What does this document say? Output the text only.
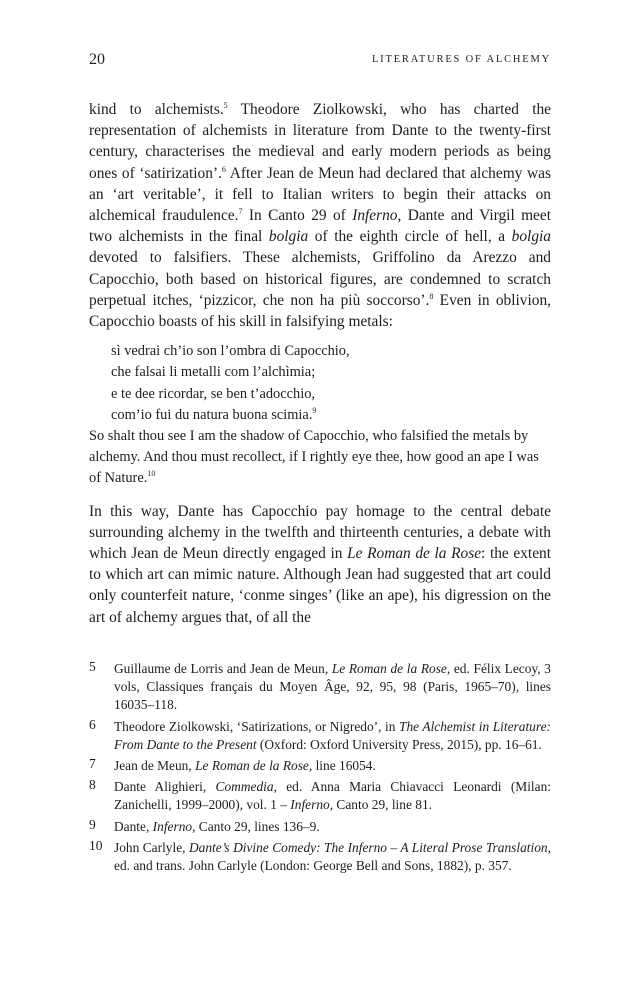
20	LITERATURES OF ALCHEMY

kind to alchemists.$^5$ Theodore Ziolkowski, who has charted the representation of alchemists in literature from Dante to the twenty-first century, characterises the medieval and early modern periods as being ones of ‘satirization’.$^6$ After Jean de Meun had declared that alchemy was an ‘art veritable’, it fell to Italian writers to begin their attacks on alchemical fraudulence.$^7$ In Canto 29 of Inferno, Dante and Virgil meet two alchemists in the final bolgia of the eighth circle of hell, a bolgia devoted to falsifiers. These alchemists, Griffolino da Arezzo and Capocchio, both based on historical figures, are condemned to scratch perpetual itches, ‘pizzicor, che non ha più soccorso’.$^8$ Even in oblivion, Capocchio boasts of his skill in falsifying metals:

sì vedrai ch’io son l’ombra di Capocchio,
che falsai li metalli com l’alchìmia;
e te dee ricordar, se ben t’adocchio,
com’io fui du natura buona scimia.$^9$

So shalt thou see I am the shadow of Capocchio, who falsified the metals by alchemy. And thou must recollect, if I rightly eye thee, how good an ape I was of Nature.$^{10}$

In this way, Dante has Capocchio pay homage to the central debate surrounding alchemy in the twelfth and thirteenth centuries, a debate with which Jean de Meun directly engaged in Le Roman de la Rose: the extent to which art can mimic nature. Although Jean had suggested that art could only counterfeit nature, ‘conme singes’ (like an ape), his digression on the art of alchemy argues that, of all the

5 Guillaume de Lorris and Jean de Meun, Le Roman de la Rose, ed. Félix Lecoy, 3 vols, Classiques français du Moyen Âge, 92, 95, 98 (Paris, 1965–70), lines 16035–118.
6 Theodore Ziolkowski, ‘Satirizations, or Nigredo’, in The Alchemist in Literature: From Dante to the Present (Oxford: Oxford University Press, 2015), pp. 16–61.
7 Jean de Meun, Le Roman de la Rose, line 16054.
8 Dante Alighieri, Commedia, ed. Anna Maria Chiavacci Leonardi (Milan: Zanichelli, 1999–2000), vol. 1 – Inferno, Canto 29, line 81.
9 Dante, Inferno, Canto 29, lines 136–9.
10 John Carlyle, Dante’s Divine Comedy: The Inferno – A Literal Prose Translation, ed. and trans. John Carlyle (London: George Bell and Sons, 1882), p. 357.
